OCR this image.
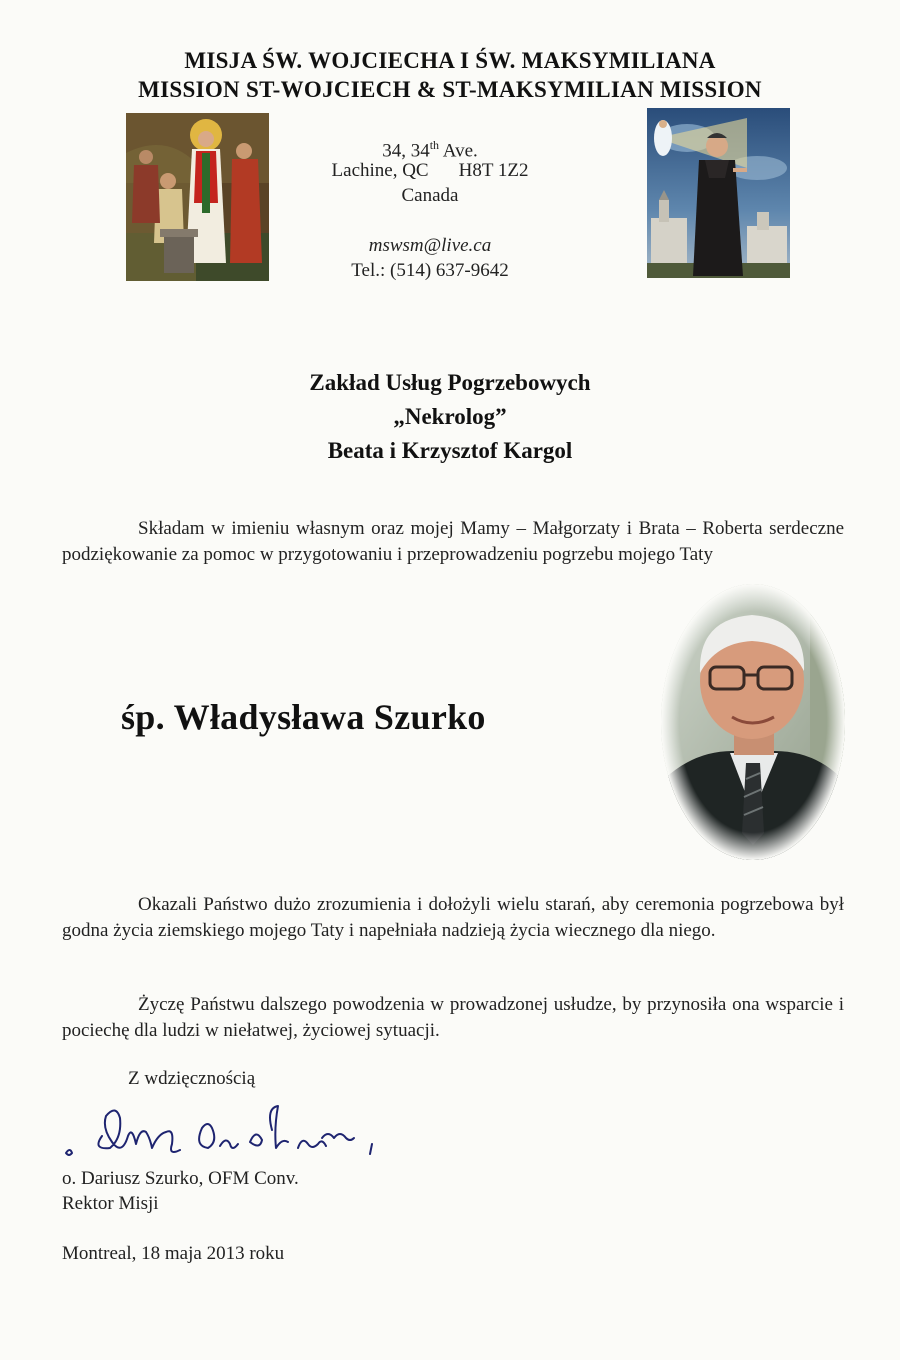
MISJA ŚW. WOJCIECHA I ŚW. MAKSYMILIANA
MISSION ST-WOJCIECH & ST-MAKSYMILIAN MISSION
34, 34th Ave.
Lachine, QC H8T 1Z2
Canada
mswsm@live.ca
Tel.: (514) 637-9642
Zakład Usług Pogrzebowych
„Nekrolog”
Beata i Krzysztof Kargol
Składam w imieniu własnym oraz mojej Mamy – Małgorzaty i Brata – Roberta serdeczne podziękowanie za pomoc w przygotowaniu i przeprowadzeniu pogrzebu mojego Taty
śp. Władysława Szurko
Okazali Państwo dużo zrozumienia i dołożyli wielu starań, aby ceremonia pogrzebowa był godna życia ziemskiego mojego Taty i napełniała nadzieją życia wiecznego dla niego.
Życzę Państwu dalszego powodzenia w prowadzonej usłudze, by przynosiła ona wsparcie i pociechę dla ludzi w niełatwej, życiowej sytuacji.
Z wdzięcznością
o. Dariusz Szurko, OFM Conv.
Rektor Misji
Montreal, 18 maja 2013 roku
